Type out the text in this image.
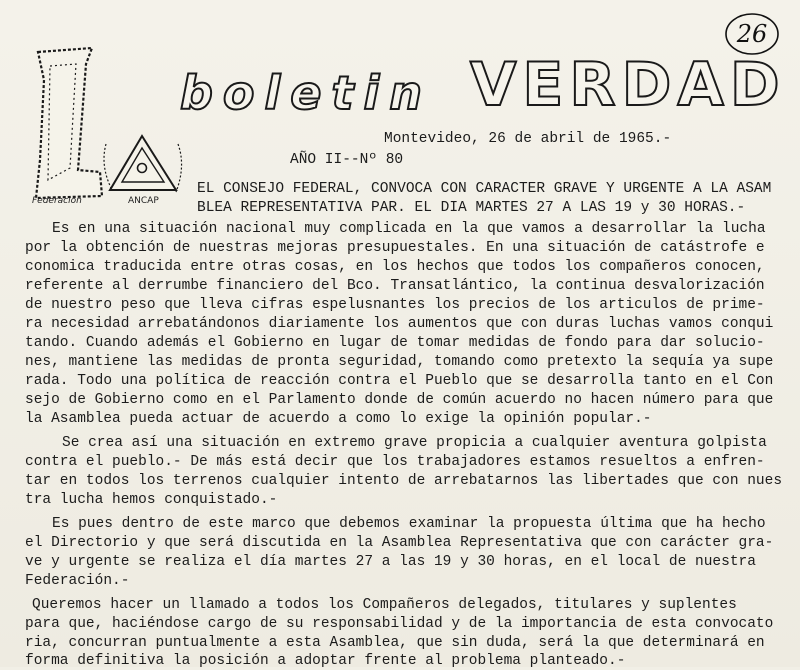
Federacion	ANCAP
26
boletin VERDAD
Montevideo, 26 de abril de 1965.-
AÑO II--Nº 80
EL CONSEJO FEDERAL, CONVOCA CON CARACTER GRAVE Y URGENTE A LA ASAM
BLEA REPRESENTATIVA PAR. EL DIA MARTES 27 A LAS 19 y 30 HORAS.-
Es en una situación nacional muy complicada en la que vamos a desarrollar la lucha
por la obtención de nuestras mejoras presupuestales. En una situación de catástrofe e
conomica traducida entre otras cosas, en los hechos que todos los compañeros conocen,
referente al derrumbe financiero del Bco. Transatlántico, la continua desvalorización
de nuestro peso que lleva cifras espelusnantes los precios de los articulos de prime-
ra necesidad arrebatándonos diariamente los aumentos que con duras luchas vamos conqui
tando. Cuando además el Gobierno en lugar de tomar medidas de fondo para dar solucio-
nes, mantiene las medidas de pronta seguridad, tomando como pretexto la sequía ya supe
rada. Todo una política de reacción contra el Pueblo que se desarrolla tanto en el Con
sejo de Gobierno como en el Parlamento donde de común acuerdo no hacen número para que
la Asamblea pueda actuar de acuerdo a como lo exige la opinión popular.-
Se crea así una situación en extremo grave propicia a cualquier aventura golpista
contra el pueblo.- De más está decir que los trabajadores estamos resueltos a enfren-
tar en todos los terrenos cualquier intento de arrebatarnos las libertades que con nues
tra lucha hemos conquistado.-
Es pues dentro de este marco que debemos examinar la propuesta última que ha hecho
el Directorio y que será discutida en la Asamblea Representativa que con carácter gra-
ve y urgente se realiza el día martes 27 a las 19 y 30 horas, en el local de nuestra
Federación.-
Queremos hacer un llamado a todos los Compañeros delegados, titulares y suplentes
para que, haciéndose cargo de su responsabilidad y de la importancia de esta convocato
ria, concurran puntualmente a esta Asamblea, que sin duda, será la que determinará en
forma definitiva la posición a adoptar frente al problema planteado.-
